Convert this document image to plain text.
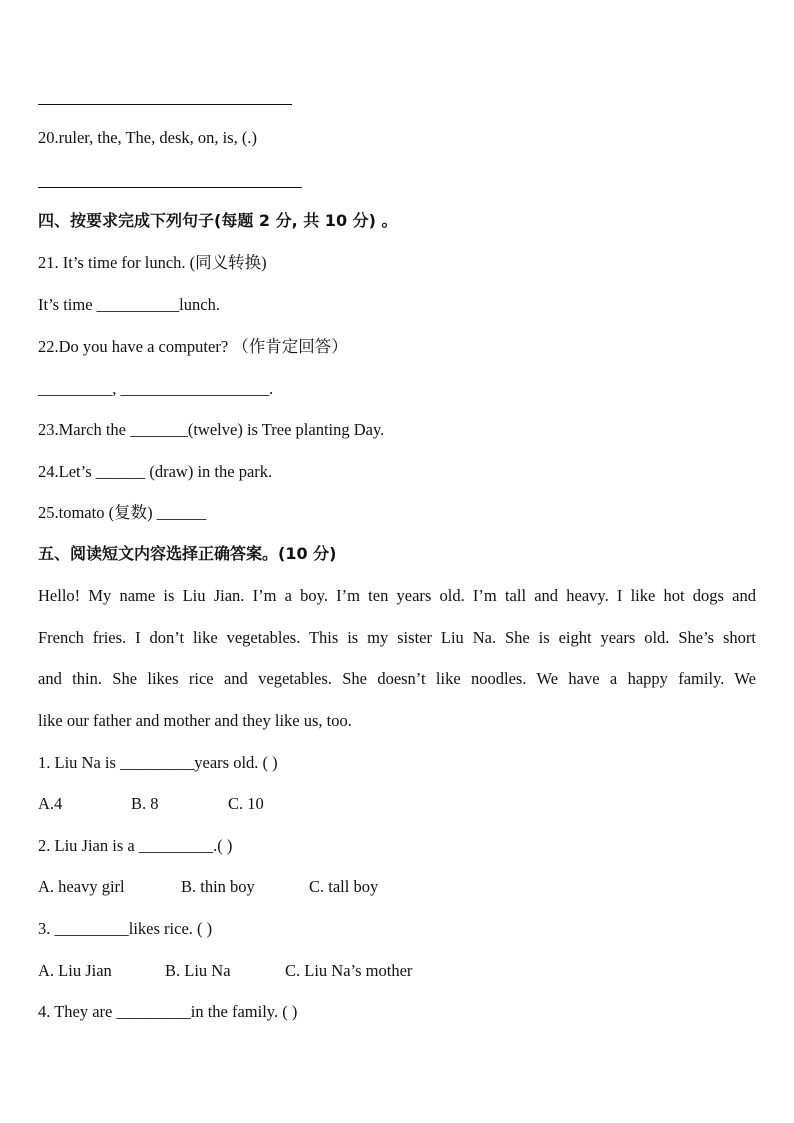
20.ruler, the, The, desk, on, is, (.)
四、按要求完成下列句子(每题 2 分, 共 10 分) 。
21. It’s time for lunch. (同义转换)
It’s time __________lunch.
22.Do you have a computer? （作肯定回答）
_________, __________________.
23.March the _______(twelve) is Tree planting Day.
24.Let’s ______ (draw) in the park.
25.tomato (复数) ______
五、阅读短文内容选择正确答案。(10 分)
Hello! My name is Liu Jian. I’m a boy. I’m ten years old. I’m tall and heavy. I like hot dogs and
French fries. I don’t like vegetables. This is my sister Liu Na. She is eight years old. She’s short
and thin. She likes rice and vegetables. She doesn’t like noodles. We have a happy family. We
like our father and mother and they like us, too.
1. Liu Na is _________years old. ( )
A.4	B. 8	C. 10
2. Liu Jian is a _________.( )
A. heavy girl	B. thin boy	C. tall boy
3. _________likes rice. ( )
A. Liu Jian	B. Liu Na	C. Liu Na’s mother
4. They are _________in the family. ( )
